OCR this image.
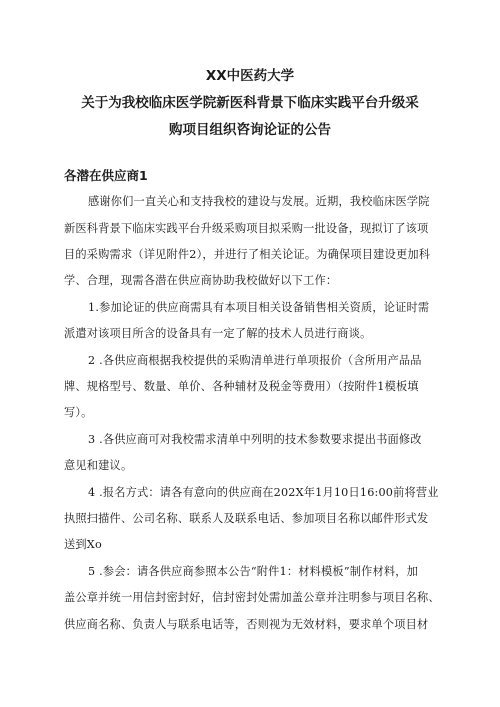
XX中医药大学
关于为我校临床医学院新医科背景下临床实践平台升级采
购项目组织咨询论证的公告
各潜在供应商1
感谢你们一直关心和支持我校的建设与发展。近期，我校临床医学院
新医科背景下临床实践平台升级采购项目拟采购一批设备，现拟订了该项
目的采购需求（详见附件2），并进行了相关论证。为确保项目建设更加科
学、合理，现需各潜在供应商协助我校做好以下工作：
1.参加论证的供应商需具有本项目相关设备销售相关资质，论证时需
派遣对该项目所含的设备具有一定了解的技术人员进行商谈。
2 .各供应商根据我校提供的采购清单进行单项报价（含所用产品品
牌、规格型号、数量、单价、各种辅材及税金等费用）（按附件1模板填
写）。
3 .各供应商可对我校需求清单中列明的技术参数要求提出书面修改
意见和建议。
4 .报名方式：请各有意向的供应商在202X年1月10日16:00前将营业
执照扫描件、公司名称、联系人及联系电话、参加项目名称以邮件形式发
送到Xo
5 .参会：请各供应商参照本公告“附件1：材料模板”制作材料，加
盖公章并统一用信封密封好，信封密封处需加盖公章并注明参与项目名称、
供应商名称、负责人与联系电话等，否则视为无效材料，要求单个项目材
